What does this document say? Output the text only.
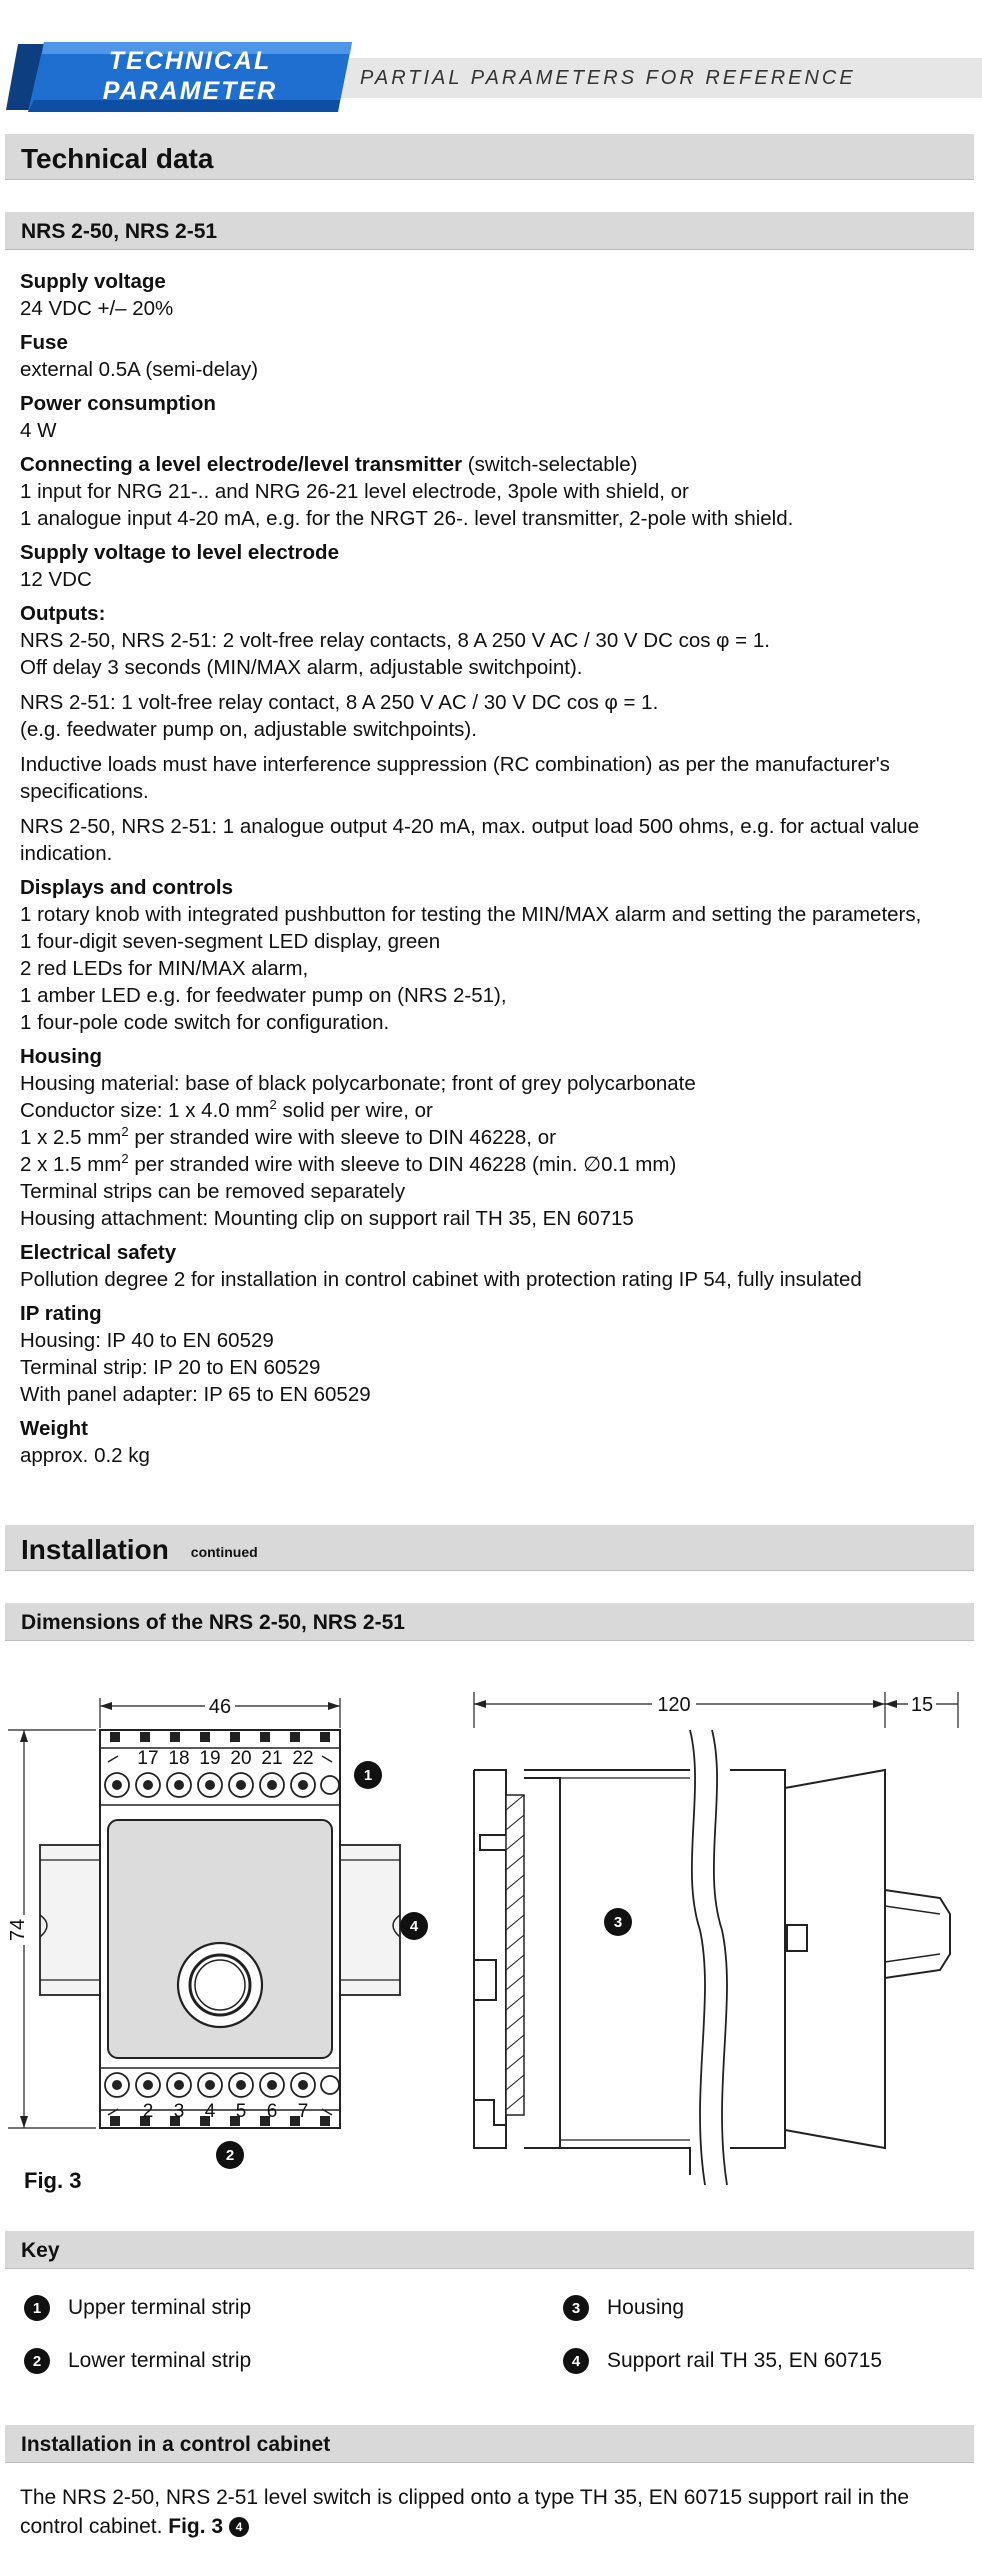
TECHNICAL
PARAMETER	PARTIAL PARAMETERS FOR REFERENCE
Technical data
NRS 2-50, NRS 2-51
Supply voltage
24 VDC +/– 20%
Fuse
external 0.5A (semi-delay)
Power consumption
4 W
Connecting a level electrode/level transmitter (switch-selectable)
1 input for NRG 21-.. and NRG 26-21 level electrode, 3pole with shield, or
1 analogue input 4-20 mA, e.g. for the NRGT 26-. level transmitter, 2-pole with shield.
Supply voltage to level electrode
12 VDC
Outputs:
NRS 2-50, NRS 2-51: 2 volt-free relay contacts, 8 A 250 V AC / 30 V DC cos φ = 1.
Off delay 3 seconds (MIN/MAX alarm, adjustable switchpoint).
NRS 2-51: 1 volt-free relay contact, 8 A 250 V AC / 30 V DC cos φ = 1.
(e.g. feedwater pump on, adjustable switchpoints).
Inductive loads must have interference suppression (RC combination) as per the manufacturer's specifications.
NRS 2-50, NRS 2-51: 1 analogue output 4-20 mA, max. output load 500 ohms, e.g. for actual value indication.
Displays and controls
1 rotary knob with integrated pushbutton for testing the MIN/MAX alarm and setting the parameters,
1 four-digit seven-segment LED display, green
2 red LEDs for MIN/MAX alarm,
1 amber LED e.g. for feedwater pump on (NRS 2-51),
1 four-pole code switch for configuration.
Housing
Housing material: base of black polycarbonate; front of grey polycarbonate
Conductor size: 1 x 4.0 $mm^2$ solid per wire, or
1 x 2.5 $mm^2$ per stranded wire with sleeve to DIN 46228, or
2 x 1.5 $mm^2$ per stranded wire with sleeve to DIN 46228 (min. ∅0.1 mm)
Terminal strips can be removed separately
Housing attachment: Mounting clip on support rail TH 35, EN 60715
Electrical safety
Pollution degree 2 for installation in control cabinet with protection rating IP 54, fully insulated
IP rating
Housing: IP 40 to EN 60529
Terminal strip: IP 20 to EN 60529
With panel adapter: IP 65 to EN 60529
Weight
approx. 0.2 kg
Installation continued
Dimensions of the NRS 2-50, NRS 2-51
46
74
120	15
17 18 19 20 21 22
2 3 4 5 6 7
1
2
3
4
Fig. 3
Key
1	Upper terminal strip
2	Lower terminal strip
3	Housing
4	Support rail TH 35, EN 60715
Installation in a control cabinet
The NRS 2-50, NRS 2-51 level switch is clipped onto a type TH 35, EN 60715 support rail in the control cabinet. Fig. 3 4
